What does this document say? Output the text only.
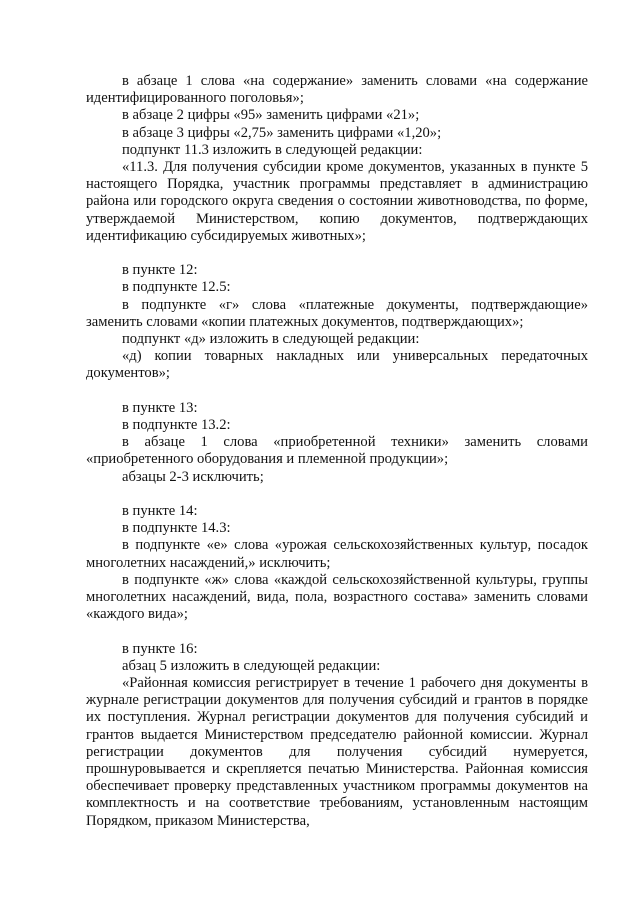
в абзаце 1 слова «на содержание» заменить словами «на содержание идентифицированного поголовья»;

в абзаце 2 цифры «95» заменить цифрами «21»;

в абзаце 3 цифры «2,75» заменить цифрами «1,20»;

подпункт 11.3 изложить в следующей редакции:

«11.3. Для получения субсидии кроме документов, указанных в пункте 5 настоящего Порядка, участник программы представляет в администрацию района или городского округа сведения о состоянии животноводства, по форме, утверждаемой Министерством, копию документов, подтверждающих идентификацию субсидируемых животных»;

в пункте 12:

в подпункте 12.5:

в подпункте «г» слова «платежные документы, подтверждающие» заменить словами «копии платежных документов, подтверждающих»;

подпункт «д» изложить в следующей редакции:

«д) копии товарных накладных или универсальных передаточных документов»;

в пункте 13:

в подпункте 13.2:

в абзаце 1 слова «приобретенной техники» заменить словами «приобретенного оборудования и племенной продукции»;

абзацы 2-3 исключить;

в пункте 14:

в подпункте 14.3:

в подпункте «е» слова «урожая сельскохозяйственных культур, посадок многолетних насаждений,» исключить;

в подпункте «ж» слова «каждой сельскохозяйственной культуры, группы многолетних насаждений, вида, пола, возрастного состава» заменить словами «каждого вида»;

в пункте 16:

абзац 5 изложить в следующей редакции:

«Районная комиссия регистрирует в течение 1 рабочего дня документы в журнале регистрации документов для получения субсидий и грантов в порядке их поступления. Журнал регистрации документов для получения субсидий и грантов выдается Министерством председателю районной комиссии. Журнал регистрации документов для получения субсидий нумеруется, прошнуровывается и скрепляется печатью Министерства. Районная комиссия обеспечивает проверку представленных участником программы документов на комплектность и на соответствие требованиям, установленным настоящим Порядком, приказом Министерства,
